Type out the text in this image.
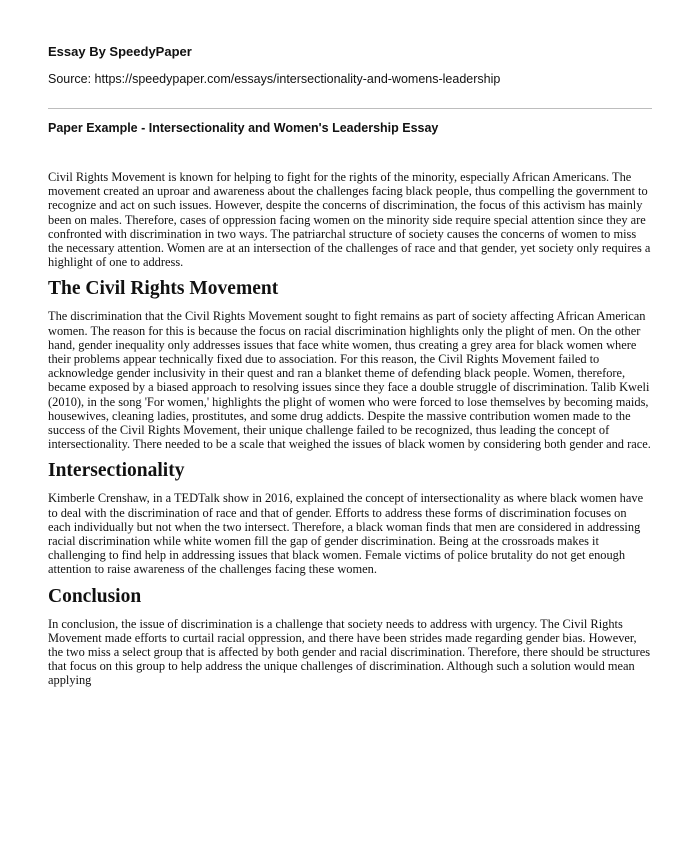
Essay By SpeedyPaper
Source: https://speedypaper.com/essays/intersectionality-and-womens-leadership
Paper Example - Intersectionality and Women's Leadership Essay

Civil Rights Movement is known for helping to fight for the rights of the minority, especially African Americans. The movement created an uproar and awareness about the challenges facing black people, thus compelling the government to recognize and act on such issues. However, despite the concerns of discrimination, the focus of this activism has mainly been on males. Therefore, cases of oppression facing women on the minority side require special attention since they are confronted with discrimination in two ways. The patriarchal structure of society causes the concerns of women to miss the necessary attention. Women are at an intersection of the challenges of race and that gender, yet society only requires a highlight of one to address.

The Civil Rights Movement

The discrimination that the Civil Rights Movement sought to fight remains as part of society affecting African American women. The reason for this is because the focus on racial discrimination highlights only the plight of men. On the other hand, gender inequality only addresses issues that face white women, thus creating a grey area for black women where their problems appear technically fixed due to association. For this reason, the Civil Rights Movement failed to acknowledge gender inclusivity in their quest and ran a blanket theme of defending black people. Women, therefore, became exposed by a biased approach to resolving issues since they face a double struggle of discrimination. Talib Kweli (2010), in the song 'For women,' highlights the plight of women who were forced to lose themselves by becoming maids, housewives, cleaning ladies, prostitutes, and some drug addicts. Despite the massive contribution women made to the success of the Civil Rights Movement, their unique challenge failed to be recognized, thus leading the concept of intersectionality. There needed to be a scale that weighed the issues of black women by considering both gender and race.

Intersectionality

Kimberle Crenshaw, in a TEDTalk show in 2016, explained the concept of intersectionality as where black women have to deal with the discrimination of race and that of gender. Efforts to address these forms of discrimination focuses on each individually but not when the two intersect. Therefore, a black woman finds that men are considered in addressing racial discrimination while white women fill the gap of gender discrimination. Being at the crossroads makes it challenging to find help in addressing issues that black women. Female victims of police brutality do not get enough attention to raise awareness of the challenges facing these women.

Conclusion

In conclusion, the issue of discrimination is a challenge that society needs to address with urgency. The Civil Rights Movement made efforts to curtail racial oppression, and there have been strides made regarding gender bias. However, the two miss a select group that is affected by both gender and racial discrimination. Therefore, there should be structures that focus on this group to help address the unique challenges of discrimination. Although such a solution would mean applying
